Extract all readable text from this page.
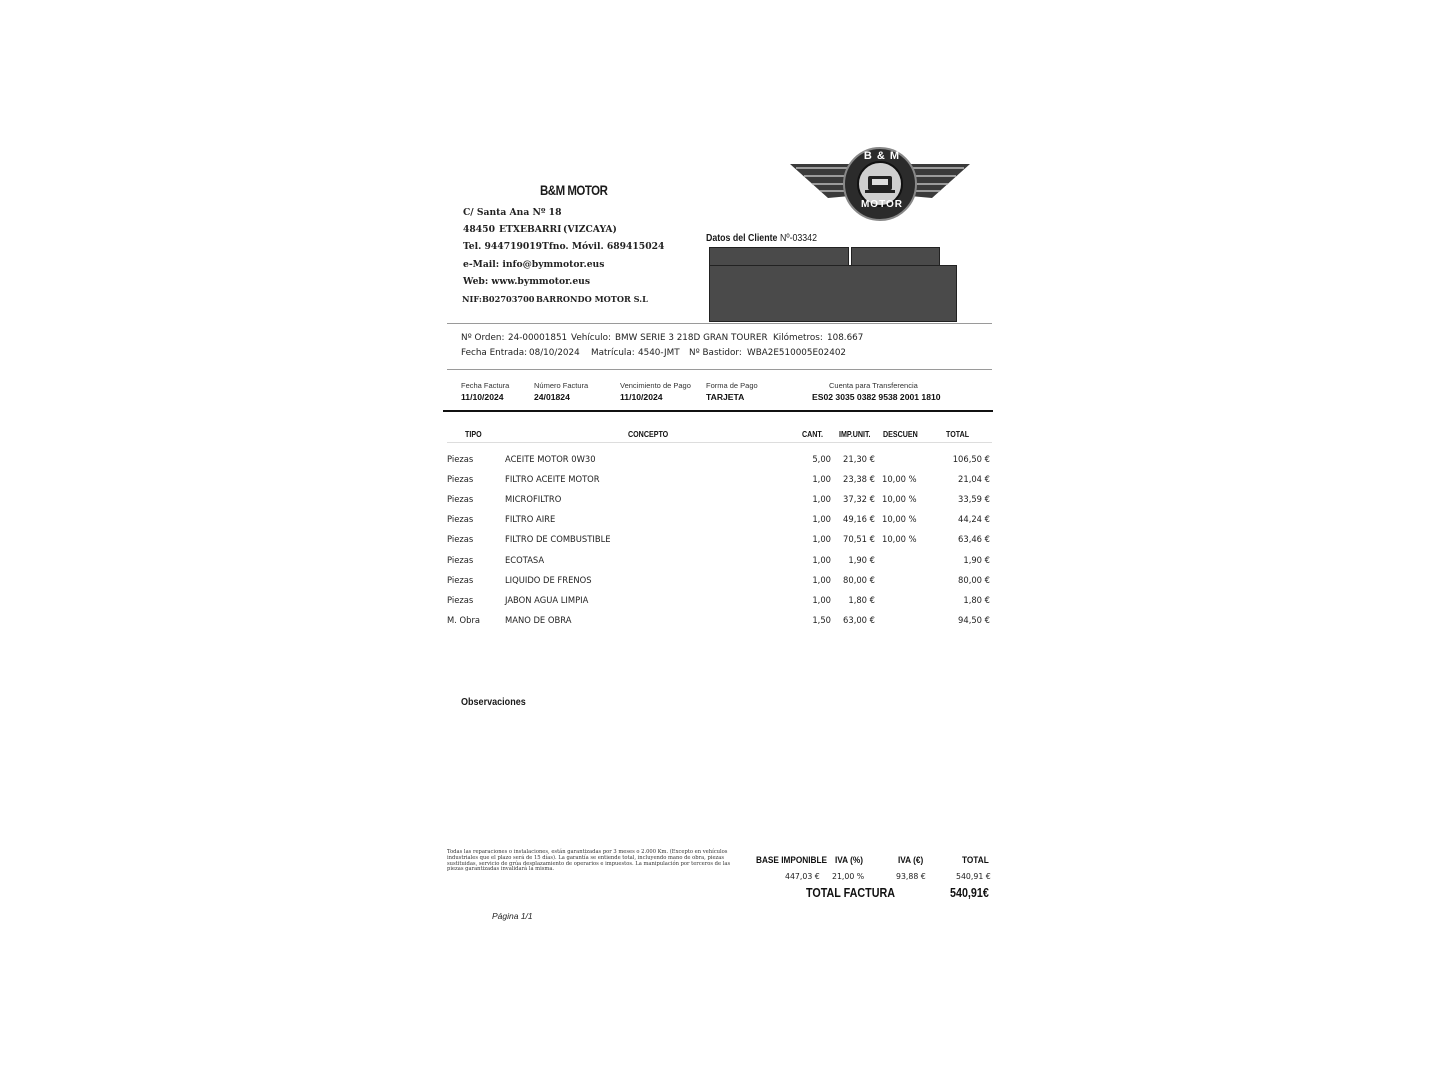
B&M MOTOR
C/ Santa Ana Nº 18
48450 ETXEBARRI (VIZCAYA)
Tel. 944719019 Tfno. Móvil. 689415024
e-Mail: info@bymmotor.eus
Web: www.bymmotor.eus
NIF: B02703700 BARRONDO MOTOR S.L
B & M
MOTOR
Datos del Cliente Nº-03342
Nº Orden: 24-00001851 Vehículo: BMW SERIE 3 218D GRAN TOURER Kilómetros: 108.667
Fecha Entrada: 08/10/2024 Matrícula: 4540-JMT Nº Bastidor: WBA2E510005E02402
Fecha Factura
11/10/2024
Número Factura
24/01824
Vencimiento de Pago
11/10/2024
Forma de Pago
TARJETA
Cuenta para Transferencia
ES02 3035 0382 9538 2001 1810
TIPO	CONCEPTO	CANT. IMP.UNIT. DESCUEN	TOTAL
Piezas	ACEITE MOTOR 0W30	5,00	21,30 €	106,50 €
Piezas	FILTRO ACEITE MOTOR	1,00	23,38 € 10,00 %	21,04 €
Piezas	MICROFILTRO	1,00	37,32 € 10,00 %	33,59 €
Piezas	FILTRO AIRE	1,00	49,16 € 10,00 %	44,24 €
Piezas	FILTRO DE COMBUSTIBLE	1,00	70,51 € 10,00 %	63,46 €
Piezas	ECOTASA	1,00	1,90 €	1,90 €
Piezas	LIQUIDO DE FRENOS	1,00	80,00 €	80,00 €
Piezas	JABON AGUA LIMPIA	1,00	1,80 €	1,80 €
M. Obra	MANO DE OBRA	1,50	63,00 €	94,50 €
Observaciones
Todas las reparaciones o instalaciones, están garantizadas por 3 meses o 2.000 Km. (Excepto en vehículos industriales que el plazo será de 15 días). La garantía se entiende total, incluyendo mano de obra, piezas sustituidas, servicio de grúa desplazamiento de operarios e impuestos. La manipulación por terceros de las piezas garantizadas invalidará la misma.
BASE IMPONIBLE IVA (%)	IVA (€)	TOTAL
447,03 € 21,00 %	93,88 €	540,91 €
TOTAL FACTURA	540,91€
Página 1/1
